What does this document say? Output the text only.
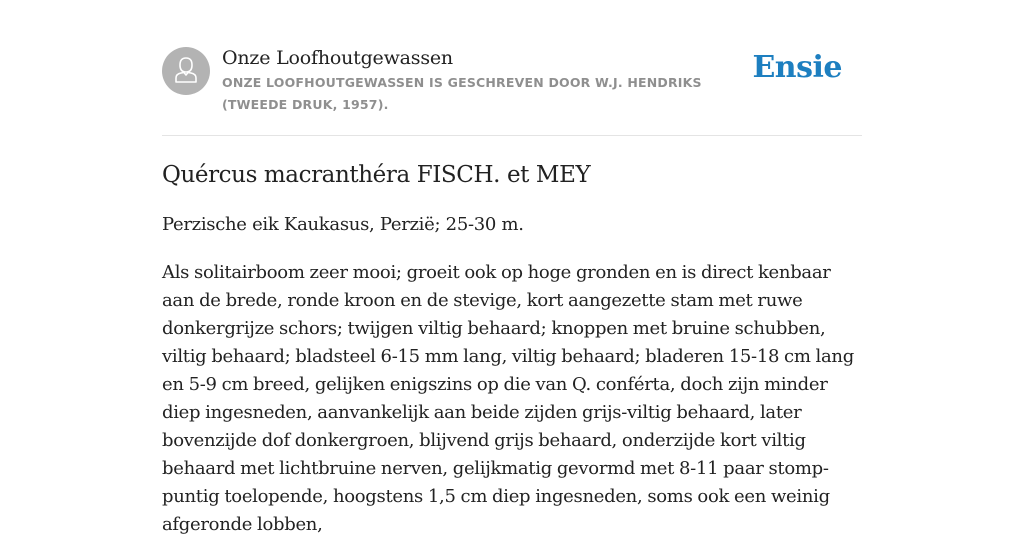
Onze Loofhoutgewassen
ONZE LOOFHOUTGEWASSEN IS GESCHREVEN DOOR W.J. HENDRIKS (TWEEDE DRUK, 1957).
Ensie
Quércus macranthéra FISCH. et MEY

Perzische eik Kaukasus, Perzië; 25-30 m.

Als solitairboom zeer mooi; groeit ook op hoge gronden en is direct kenbaar aan de brede, ronde kroon en de stevige, kort aangezette stam met ruwe donkergrijze schors; twijgen viltig behaard; knoppen met bruine schubben, viltig behaard; bladsteel 6-15 mm lang, viltig behaard; bladeren 15-18 cm lang en 5-9 cm breed, gelijken enigszins op die van Q. conférta, doch zijn minder diep ingesneden, aanvankelijk aan beide zijden grijs-viltig behaard, later bovenzijde dof donkergroen, blijvend grijs behaard, onderzijde kort viltig behaard met lichtbruine nerven, gelijkmatig gevormd met 8-11 paar stomp-puntig toelopende, hoogstens 1,5 cm diep ingesneden, soms ook een weinig afgeronde lobben,
